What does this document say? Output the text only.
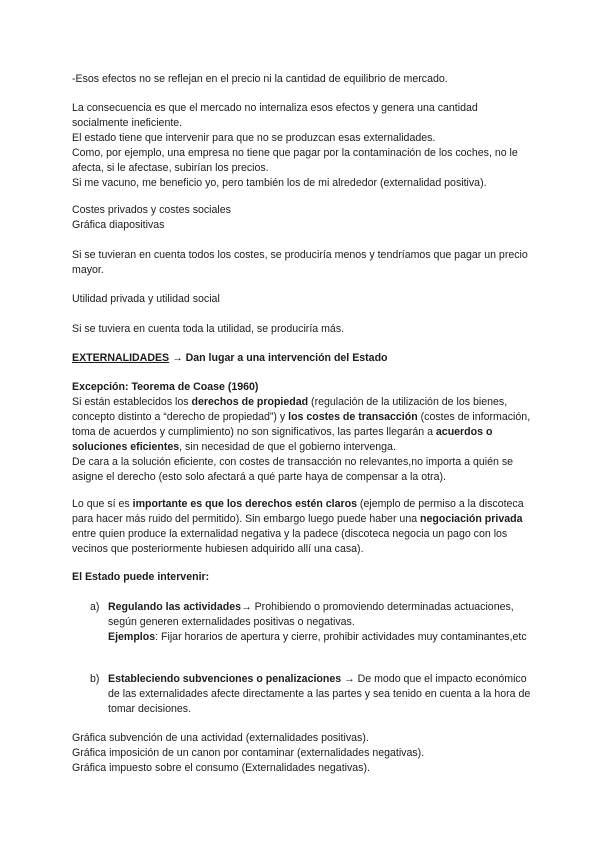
-Esos efectos no se reflejan en el precio ni la cantidad de equilibrio de mercado.

La consecuencia es que el mercado no internaliza esos efectos y genera una cantidad socialmente ineficiente.
El estado tiene que intervenir para que no se produzcan esas externalidades.
Como, por ejemplo, una empresa no tiene que pagar por la contaminación de los coches, no le afecta, si le afectase, subirían los precios.
Si me vacuno, me beneficio yo, pero también los de mi alrededor (externalidad positiva).

Costes privados y costes sociales
Gráfica diapositivas

Si se tuvieran en cuenta todos los costes, se produciría menos y tendríamos que pagar un precio mayor.

Utilidad privada y utilidad social

Si se tuviera en cuenta toda la utilidad, se produciría más.

EXTERNALIDADES → Dan lugar a una intervención del Estado

Excepción: Teorema de Coase (1960)
Si están establecidos los derechos de propiedad (regulación de la utilización de los bienes, concepto distinto a “derecho de propiedad”) y los costes de transacción (costes de información, toma de acuerdos y cumplimiento) no son significativos, las partes llegarán a acuerdos o soluciones eficientes, sin necesidad de que el gobierno intervenga.
De cara a la solución eficiente, con costes de transacción no relevantes,no importa a quién se asigne el derecho (esto solo afectará a qué parte haya de compensar a la otra).

Lo que sí es importante es que los derechos estén claros (ejemplo de permiso a la discoteca para hacer más ruido del permitido). Sin embargo luego puede haber una negociación privada entre quien produce la externalidad negativa y la padece (discoteca negocia un pago con los vecinos que posteriormente hubiesen adquirido allí una casa).

El Estado puede intervenir:

a) Regulando las actividades→ Prohibiendo o promoviendo determinadas actuaciones, según generen externalidades positivas o negativas.
Ejemplos: Fijar horarios de apertura y cierre, prohibir actividades muy contaminantes,etc

b) Estableciendo subvenciones o penalizaciones → De modo que el impacto económico de las externalidades afecte directamente a las partes y sea tenido en cuenta a la hora de tomar decisiones.

Gráfica subvención de una actividad (externalidades positivas).
Gráfica imposición de un canon por contaminar (externalidades negativas).
Gráfica impuesto sobre el consumo (Externalidades negativas).
